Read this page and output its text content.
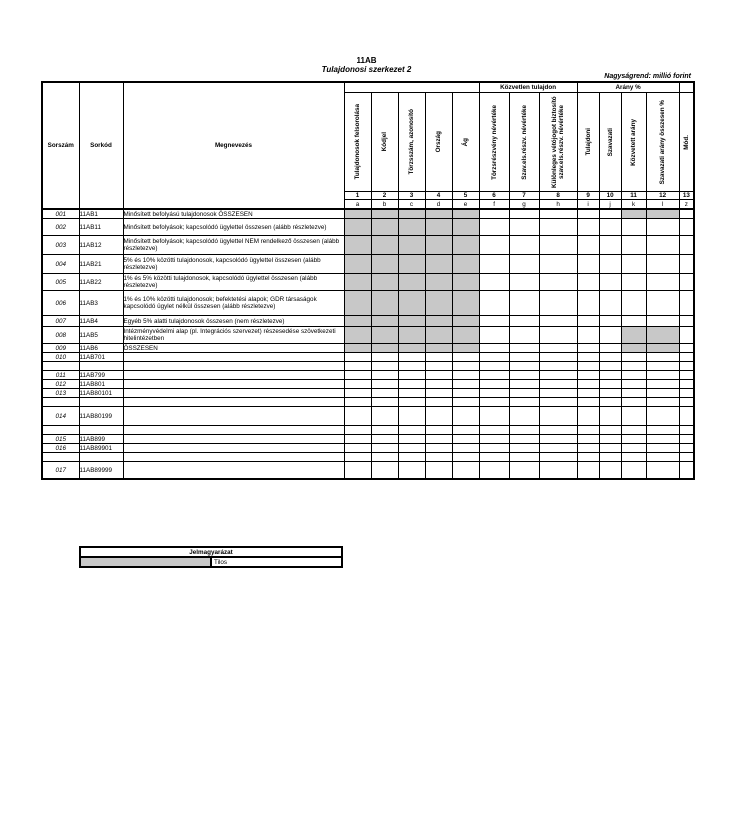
11AB
Tulajdonosi szerkezet 2
Nagyságrend: millió forint
Sorszám	Sorkód	Megnevezés						Közvetlen tulajdon			Arány %				

			Tulajdonosok felsorolása	Kódjel	Törzsszám, azonosító	Ország	Ág	Törzsrészvény névértéke	Szav.els.részv. névértéke	Különleges vétójogot biztosító szav.els.részv. névértéke	Tulajdoni	Szavazati	Közvetett arány	Szavazati arány összesen %	Mód.

			1	2	3	4	5	6	7	8	9	10	11	12	13
			a	b	c	d	e	f	g	h	i	j	k	l	z
001	11AB1	Minősített befolyású tulajdonosok ÖSSZESEN													
002	11AB11	Minősített befolyások; kapcsolódó ügylettel összesen (alább részletezve)													
003	11AB12	Minősített befolyások; kapcsolódó ügylettel NEM rendelkező összesen (alább részletezve)													
004	11AB21	5% és 10% közötti tulajdonosok, kapcsolódó ügylettel összesen (alább részletezve)													
005	11AB22	1% és 5% közötti tulajdonosok, kapcsolódó ügylettel összesen (alább részletezve)													
006	11AB3	1% és 10% közötti tulajdonosok; befektetési alapok; GDR társaságok kapcsolódó ügylet nélkül összesen (alább részletezve)													
007	11AB4	Egyéb 5% alatti tulajdonosok összesen (nem részletezve)													
008	11AB5	Intézményvédelmi alap (pl. Integrációs szervezet) részesedése szövetkezeti hitelintézetben													
009	11AB6	ÖSSZESEN													
010	11AB701														

011	11AB799														
012	11AB801														
013	11AB80101														

014	11AB80199														

015	11AB899														
016	11AB89901														

017	11AB89999														
Jelmagyarázat
	Tilos
